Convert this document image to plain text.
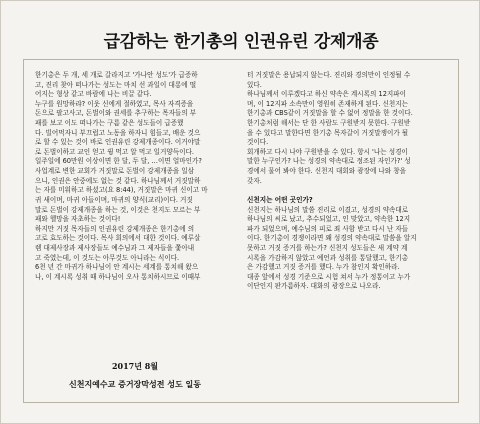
급감하는 한기총의 인권유린 강제개종
한기총은 두 개, 세 개로 갈라지고 '가나안 성도'가 급증하
고, 진리 찾아 떠나가는 성도는 마치 선 과일이 대롱에 떨
어지는 형상 같고 바람에 나는 비끌 같다.
누구를 원망하랴? 이웃 신에게 절하였고, 목사 자격증을
돈으로 팔고사고, 돈벌이와 권세를 추구하는 목자들의 부
패를 보고 이도 떠나가는 구름 같은 성도들이 급증했
다. 빌어먹자니 부끄럽고 노동을 하자니 힘들고, 배운 것으
로 할 수 있는 것이 바로 인권유린 강제개종이다. 이거야말
로 돈벌이하고 교인 얻고 꿩 먹고 알 먹고 일거양득이다.
일주일에 60만원 이상이면 한 달, 두 달, …이면 얼마인가?
사업계로 변한 교회가 거짓말로 돈벌이 강제개종을 일삼
으니, 인권은 안중에도 없는 것 같다. 하나님께서 거짓말하
는 자를 미워하고 하셨고(요 8:44), 거짓말은 마귀 신이고 마
귀 새이며, 마귀 아들이며, 마귀의 양식(교리)이다. 거짓
말로 돈벌이 강제개종을 하는 것, 이것은 천지도 모르는 부
패와 헬망을 자초하는 것이다!
하지만 거짓 목자들의 인권유린 강제개종은 한기총에 의
고로 효도하는 것이다. 목사 회의에서 대한 것이다. 예루살
렘 대제사장과 제사장들도 예수님과 그 제자들을 쫓아내
고 죽였는데, 이 것도는 아무것도 아니라는 식이다.
6천 년 간 마귀가 하나님이 안 계시는 세계를 통치해 왔으
나, 이 계시록 성취 때 하나님이 오사 통치하시므로 이때부
터 거짓말은 용납되지 않는다. 진리와 경의만이 인정될 수
있다.
하나님께서 이루겠다고 하신 약속은 계시록의 12지파이
며, 이 12지파 소속만이 영원히 존재하게 된다. 신천지는
한기총과 CBS같이 거짓말을 할 수 없어 정말을 한 것이다.
한기총처럼 해서는 단 한 사람도 구원받지 못한다. 구원받
을 수 있다고 말한다면 한기총 목자갈이 거짓말쟁이가 될
것이다.
회개하고 다시 나야 구원받을 수 있다. 항시 '나는 성경이
말한 누구인가? 나는 성경의 약속대로 정조된 자인가?' 성
경에서 물어 봐야 한다. 신천지 대회와 광장에 나와 창을
갖자.
신천지는 어떤 곳인가?
신천지는 하나님의 말씀 진리로 이겼고, 성경의 약속대로
하나님의 씨로 났고, 추수되었고, 인 맞았고, 약속한 12지
파가 되었으며, 예수님의 피로 죄 사함 받고 다시 난 자들
이다. 한기총이 경쟁이라면 왜 성경의 약속대로 말씀을 알지
못하고 거짓 증거를 하는가? 신천지 성도들은 새 계약 계
시록을 가감하지 않았고 예언과 성취를 통달했고, 한기총
은 가감했고 거짓 증거를 했다. 누가 참인지 확인하라.
대종 앞에서 성경 기준으로 시험 쳐서 누가 정통이고 누가
이단인지 판가름하자. 대화의 광장으로 나오라.
2017년 8월
신천지예수교 증거장막성전 성도 일동
